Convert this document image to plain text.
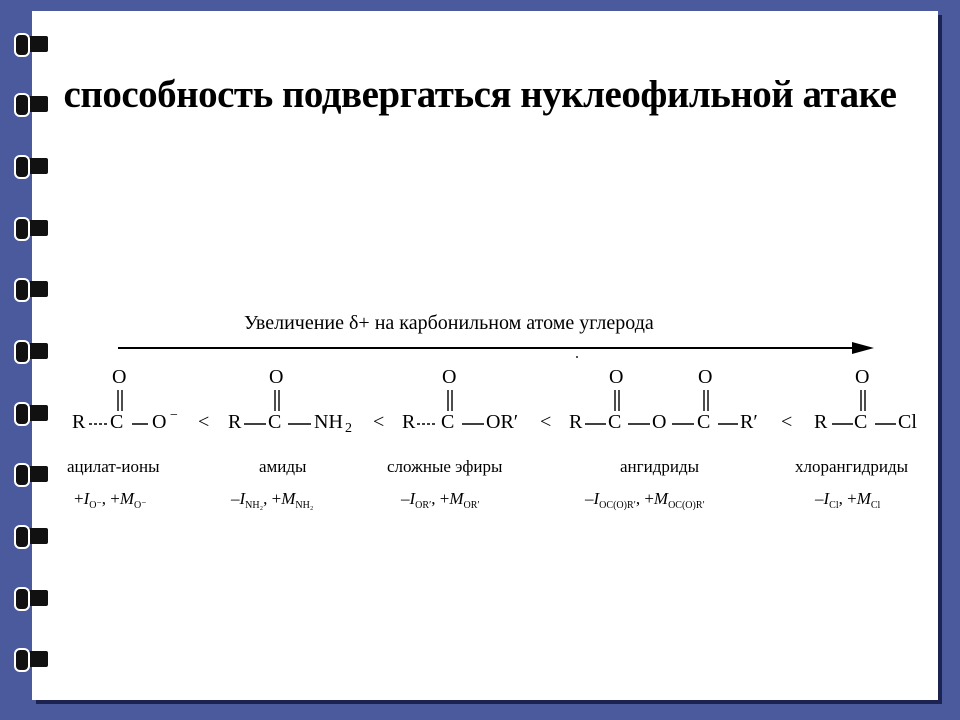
способность подвергаться нуклеофильной атаке
Увеличение δ+ на карбонильном атоме углерода
O
R C O − <
O
R C NH 2 <
O
R C OR′ <
O	O
R C O C R′ <
O
R C Cl
ацилат-ионы	амиды	сложные эфиры	ангидриды	хлорангидриды
$+I_{O^-}$, $+M_{O^-}$	$-I_{NH_2}$, $+M_{NH_2}$	$-I_{OR'}$, $+M_{OR'}$	$-I_{OC(O)R'}$, $+M_{OC(O)R'}$	$-I_{Cl}$, $+M_{Cl}$
